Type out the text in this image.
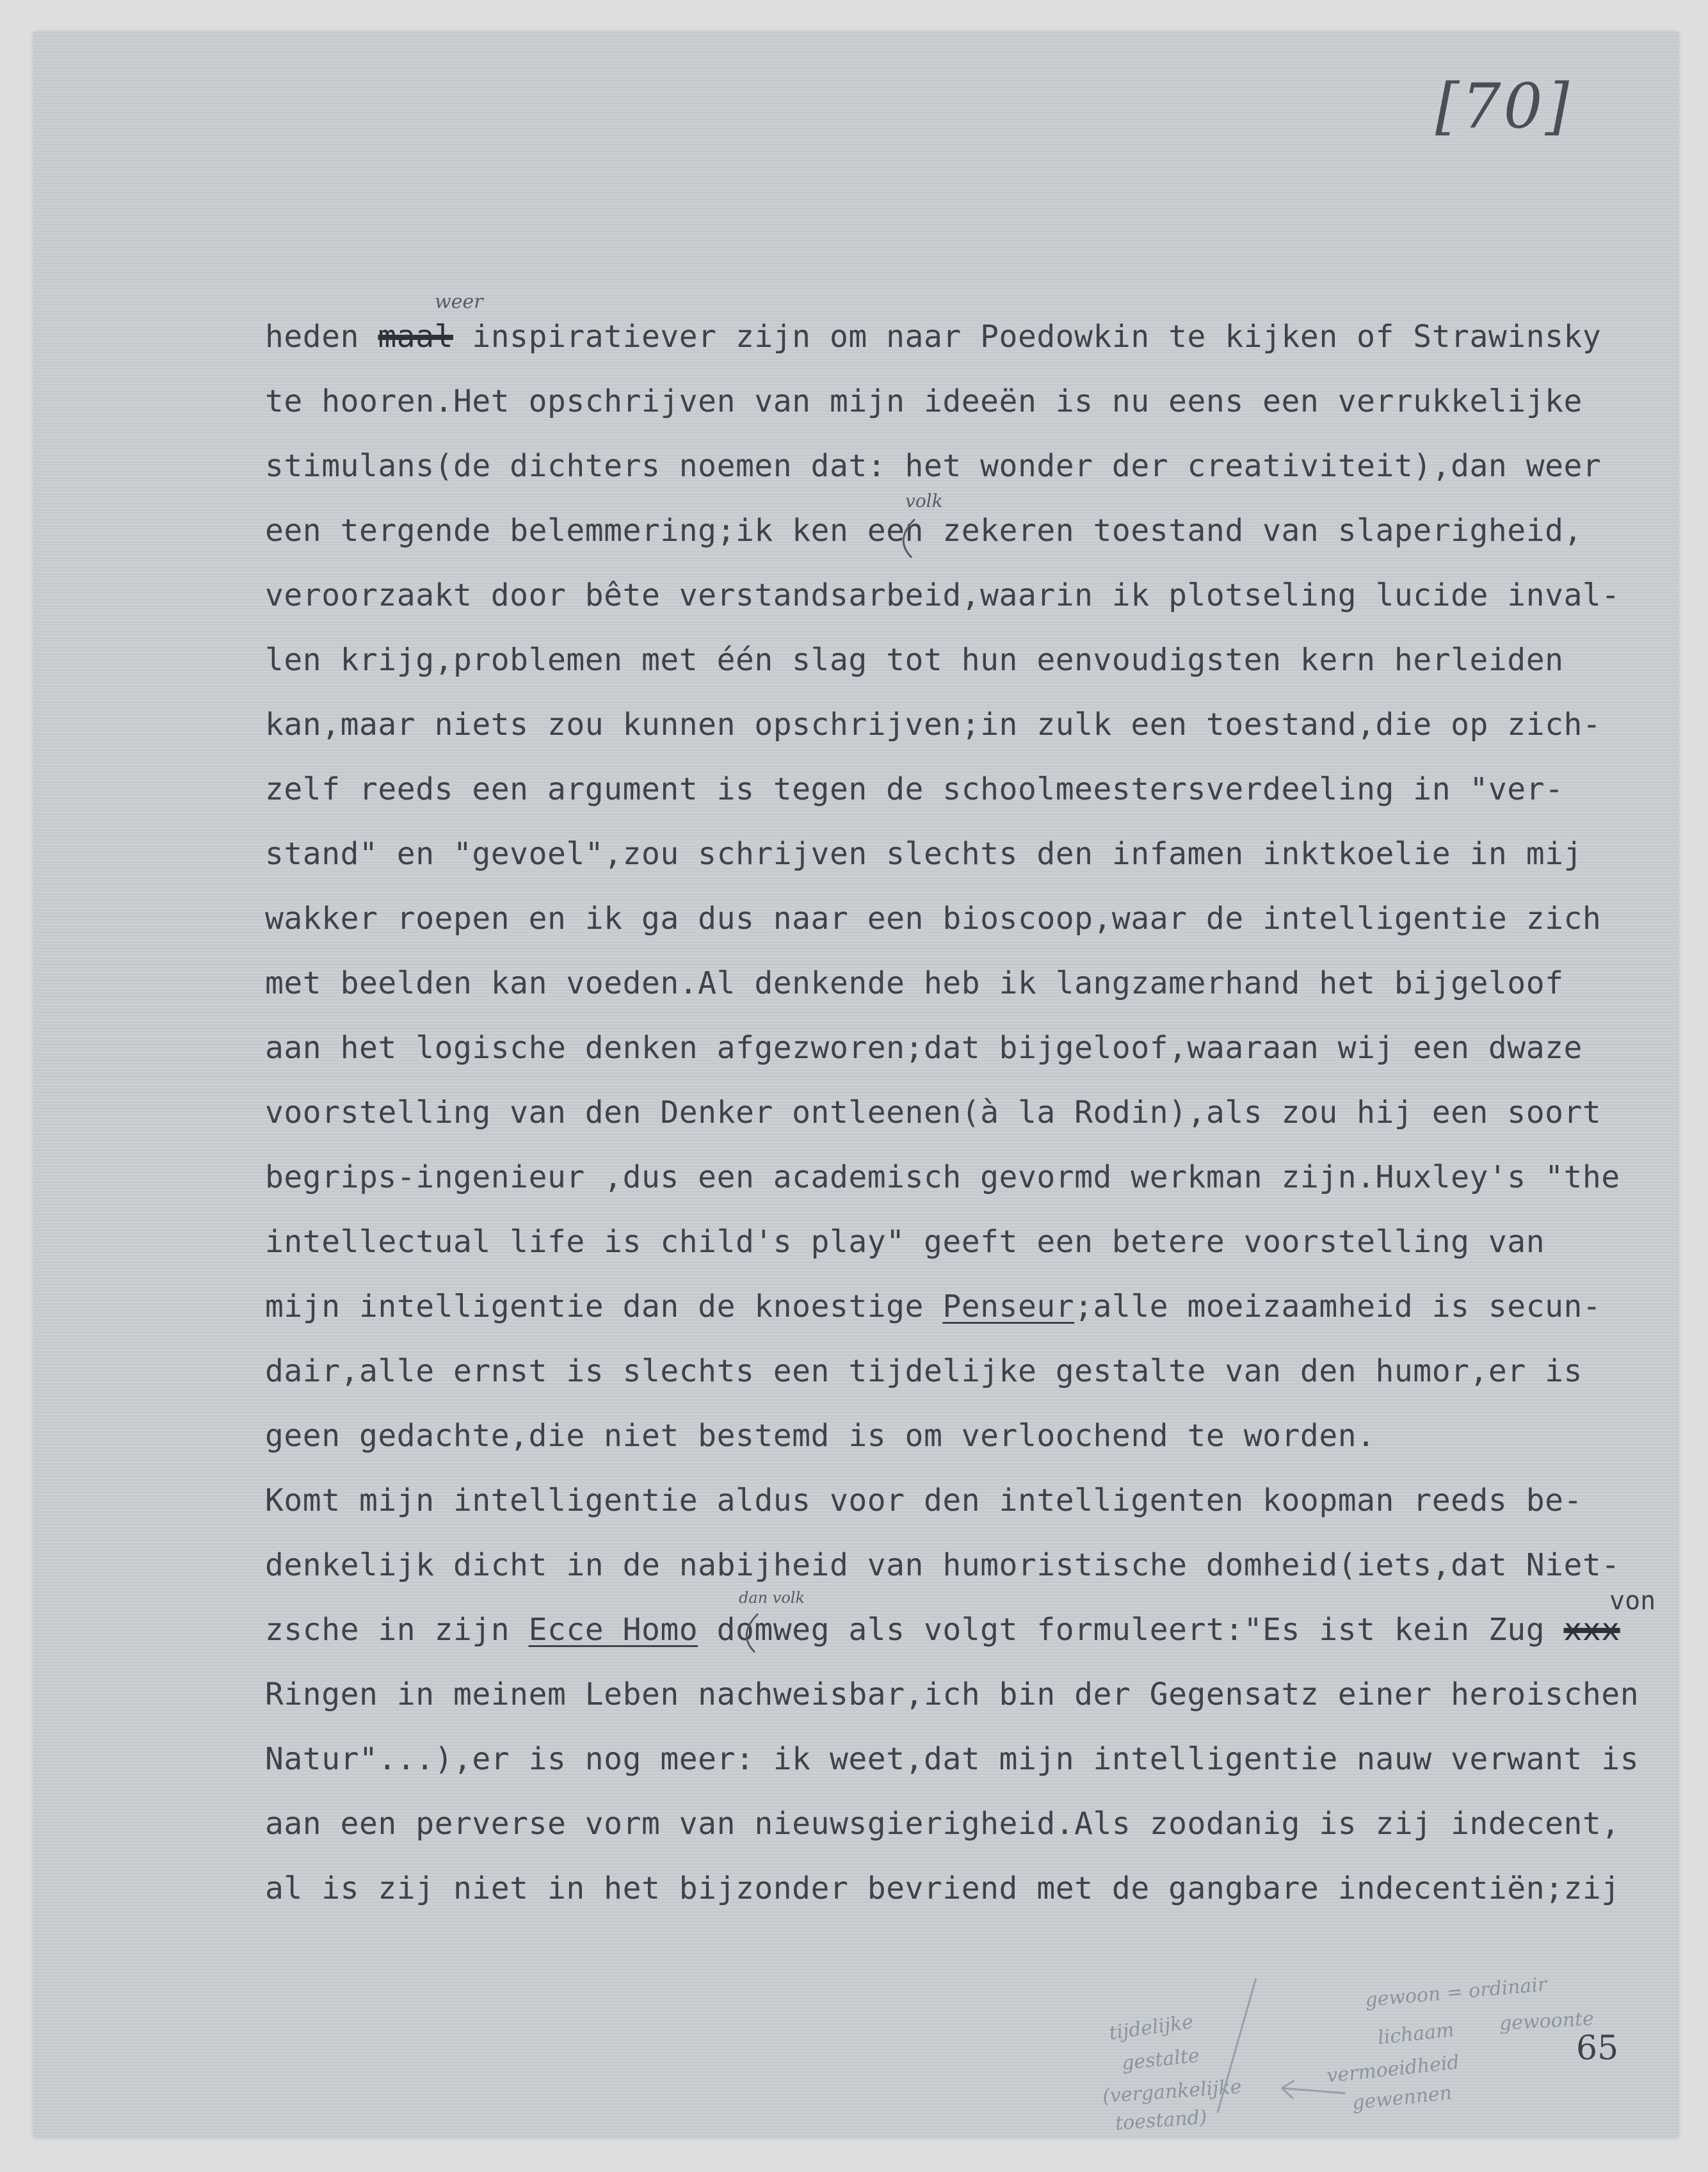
[70]
heden maal inspiratiever zijn om naar Poedowkin te kijken of Strawinsky
te hooren.Het opschrijven van mijn ideeën is nu eens een verrukkelijke
stimulans(de dichters noemen dat: het wonder der creativiteit),dan weer
een tergende belemmering;ik ken een zekeren toestand van slaperigheid,
veroorzaakt door bête verstandsarbeid,waarin ik plotseling lucide inval-
len krijg,problemen met één slag tot hun eenvoudigsten kern herleiden
kan,maar niets zou kunnen opschrijven;in zulk een toestand,die op zich-
zelf reeds een argument is tegen de schoolmeestersverdeeling in "ver-
stand" en "gevoel",zou schrijven slechts den infamen inktkoelie in mij
wakker roepen en ik ga dus naar een bioscoop,waar de intelligentie zich
met beelden kan voeden.Al denkende heb ik langzamerhand het bijgeloof
aan het logische denken afgezworen;dat bijgeloof,waaraan wij een dwaze
voorstelling van den Denker ontleenen(à la Rodin),als zou hij een soort
begrips-ingenieur ,dus een academisch gevormd werkman zijn.Huxley's "the
intellectual life is child's play" geeft een betere voorstelling van
mijn intelligentie dan de knoestige Penseur;alle moeizaamheid is secun-
dair,alle ernst is slechts een tijdelijke gestalte van den humor,er is
geen gedachte,die niet bestemd is om verloochend te worden.
Komt mijn intelligentie aldus voor den intelligenten koopman reeds be-
denkelijk dicht in de nabijheid van humoristische domheid(iets,dat Niet-
zsche in zijn Ecce Homo domweg als volgt formuleert:"Es ist kein Zug xxx
Ringen in meinem Leben nachweisbar,ich bin der Gegensatz einer heroischen
Natur"...),er is nog meer: ik weet,dat mijn intelligentie nauw verwant is
aan een perverse vorm van nieuwsgierigheid.Als zoodanig is zij indecent,
al is zij niet in het bijzonder bevriend met de gangbare indecentiën;zij
weer
volk
dan volk	von
tijdelijke
gestalte
(vergankelijke
toestand)
gewoon = ordinair
gewoonte
lichaam
vermoeidheid
gewennen
65
